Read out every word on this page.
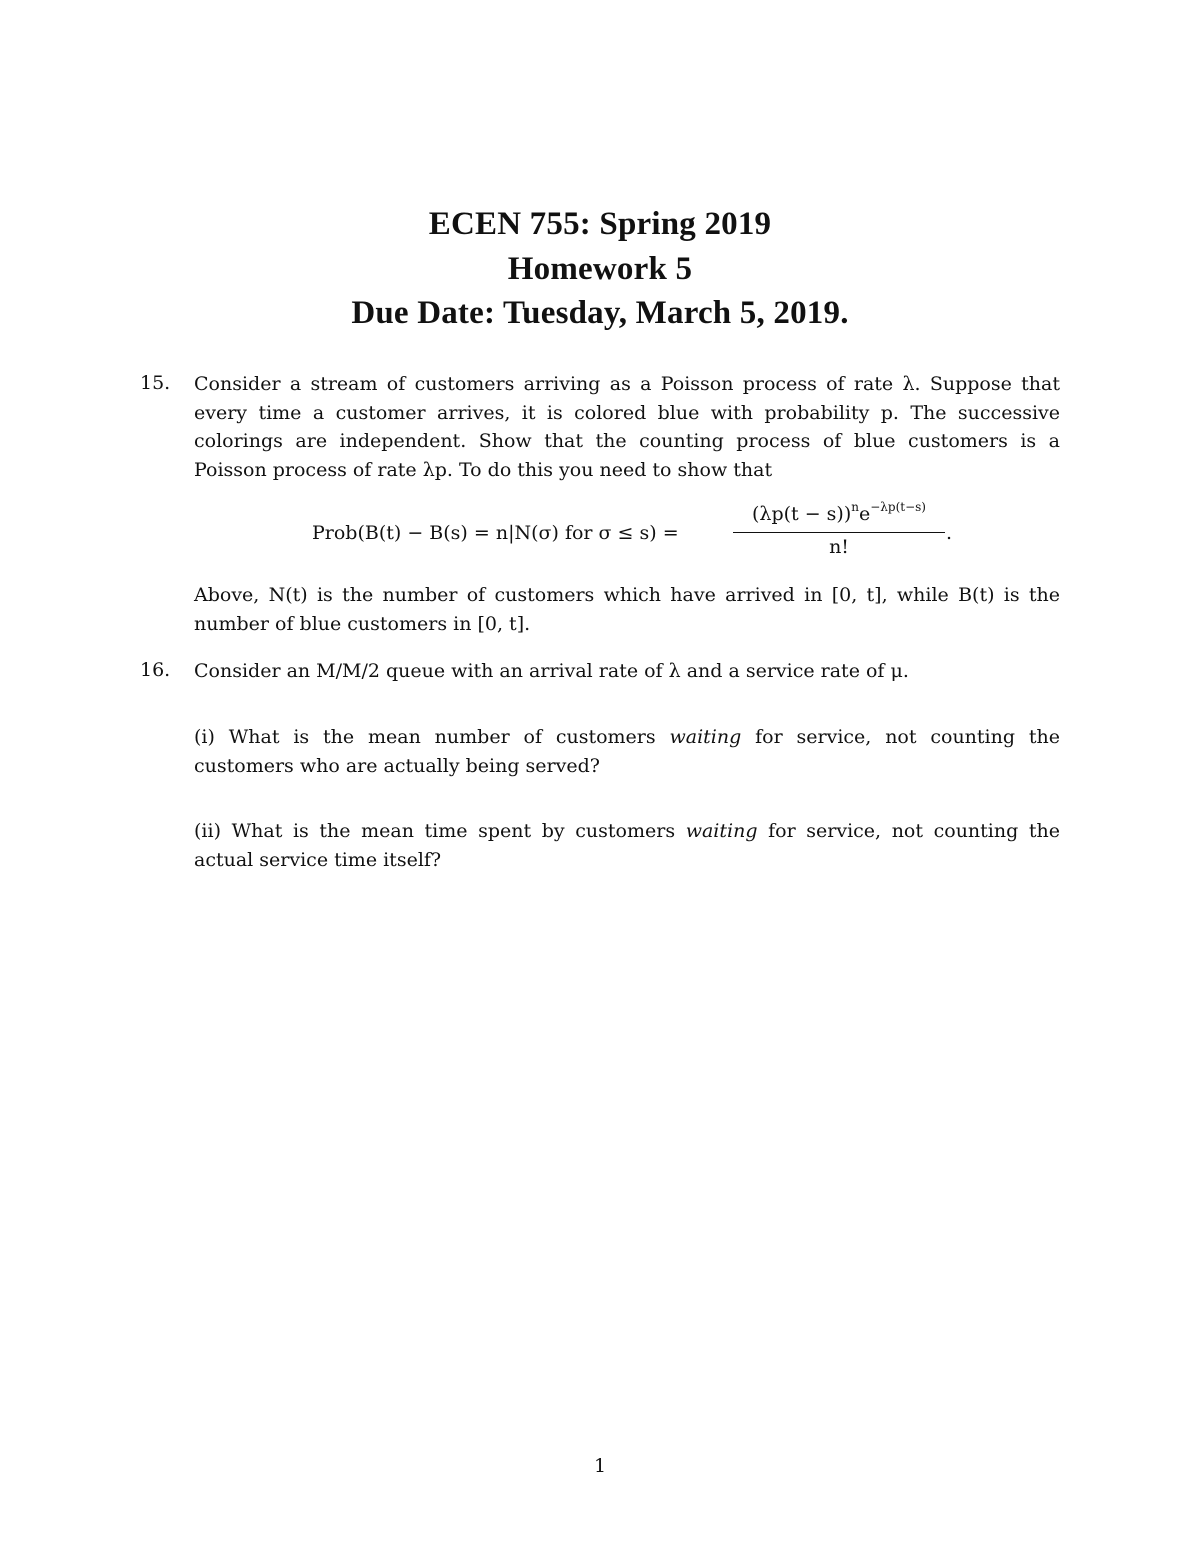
ECEN 755: Spring 2019
Homework 5
Due Date: Tuesday, March 5, 2019.
15. Consider a stream of customers arriving as a Poisson process of rate λ. Suppose that every time a customer arrives, it is colored blue with probability p. The successive colorings are independent. Show that the counting process of blue customers is a Poisson process of rate λp. To do this you need to show that
Prob(B(t) − B(s) = n|N(σ) for σ ≤ s) =
$(\lambda p(t - s))^ne^{-\lambda p(t-s)}$
n!
.
Above, N(t) is the number of customers which have arrived in [0, t], while B(t) is the number of blue customers in [0, t].
16. Consider an M/M/2 queue with an arrival rate of λ and a service rate of μ.
(i) What is the mean number of customers waiting for service, not counting the customers who are actually being served?
(ii) What is the mean time spent by customers waiting for service, not counting the actual service time itself?
1
